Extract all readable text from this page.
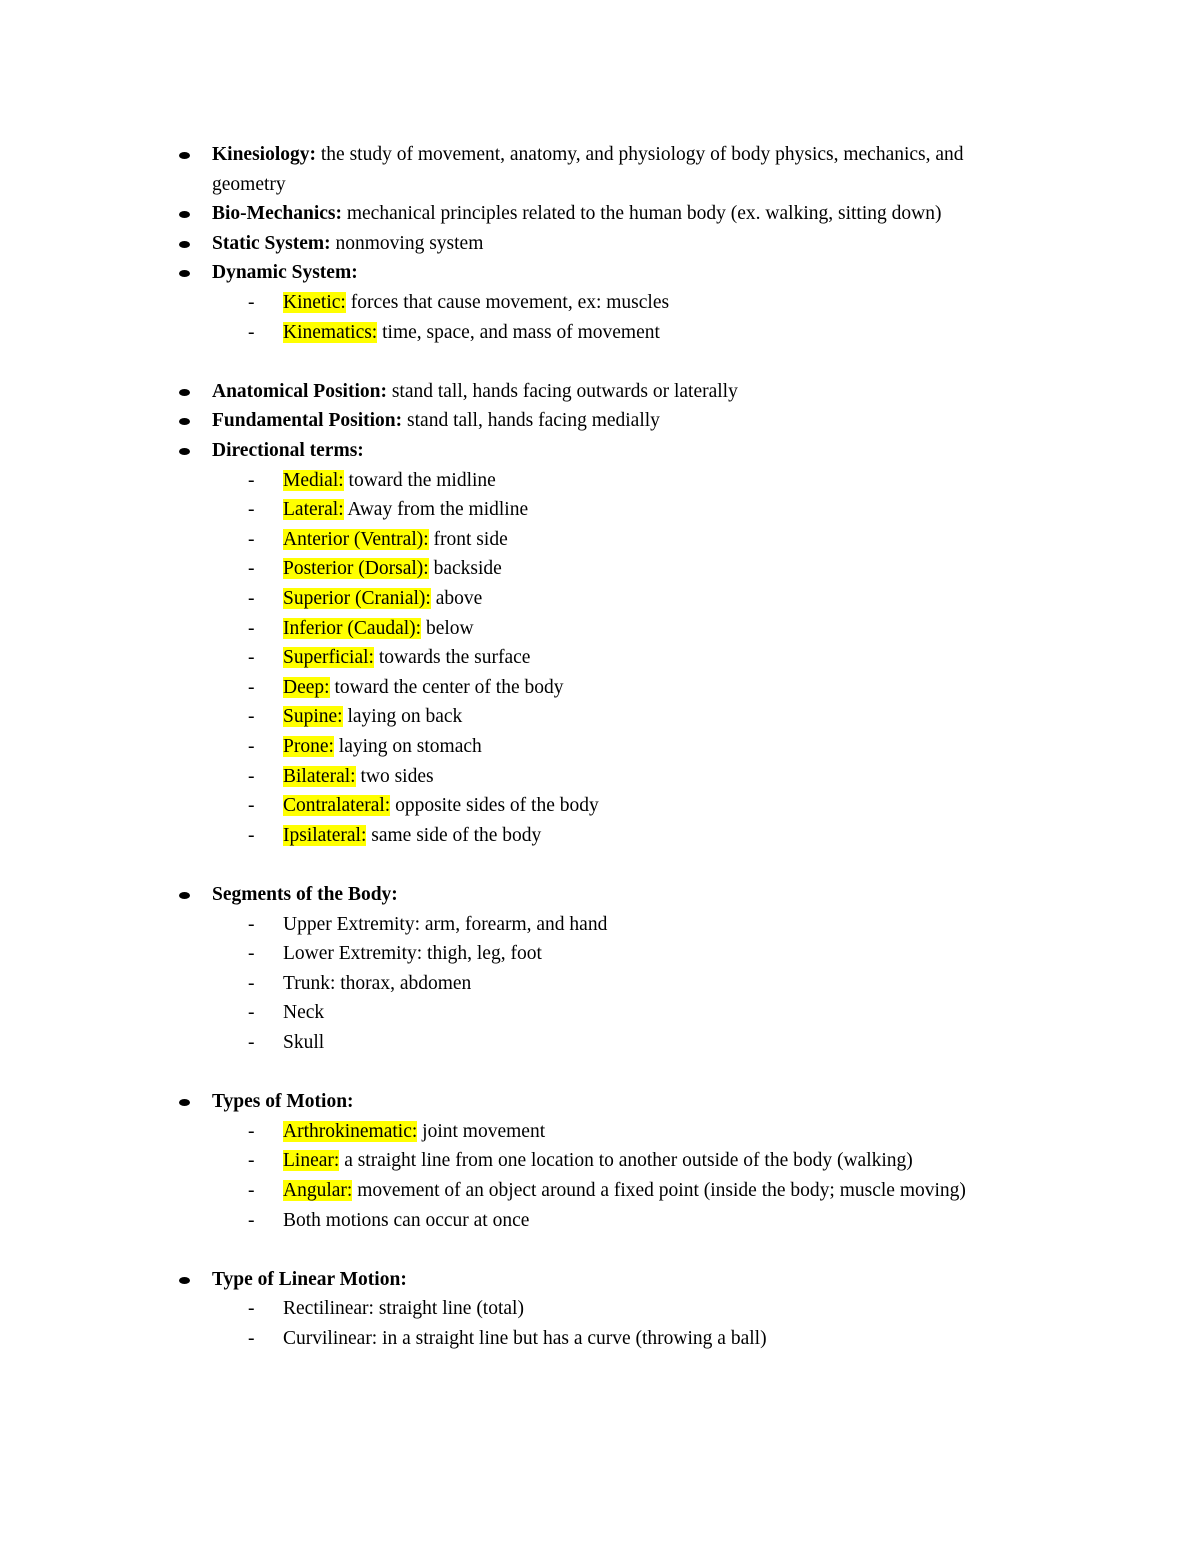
Kinesiology: the study of movement, anatomy, and physiology of body physics, mechanics, and
geometry
Bio-Mechanics: mechanical principles related to the human body (ex. walking, sitting down)
Static System: nonmoving system
Dynamic System:
- Kinetic: forces that cause movement, ex: muscles
- Kinematics: time, space, and mass of movement
Anatomical Position: stand tall, hands facing outwards or laterally
Fundamental Position: stand tall, hands facing medially
Directional terms:
- Medial: toward the midline
- Lateral: Away from the midline
- Anterior (Ventral): front side
- Posterior (Dorsal): backside
- Superior (Cranial): above
- Inferior (Caudal): below
- Superficial: towards the surface
- Deep: toward the center of the body
- Supine: laying on back
- Prone: laying on stomach
- Bilateral: two sides
- Contralateral: opposite sides of the body
- Ipsilateral: same side of the body
Segments of the Body:
- Upper Extremity: arm, forearm, and hand
- Lower Extremity: thigh, leg, foot
- Trunk: thorax, abdomen
- Neck
- Skull
Types of Motion:
- Arthrokinematic: joint movement
- Linear: a straight line from one location to another outside of the body (walking)
- Angular: movement of an object around a fixed point (inside the body; muscle moving)
- Both motions can occur at once
Type of Linear Motion:
- Rectilinear: straight line (total)
- Curvilinear: in a straight line but has a curve (throwing a ball)
